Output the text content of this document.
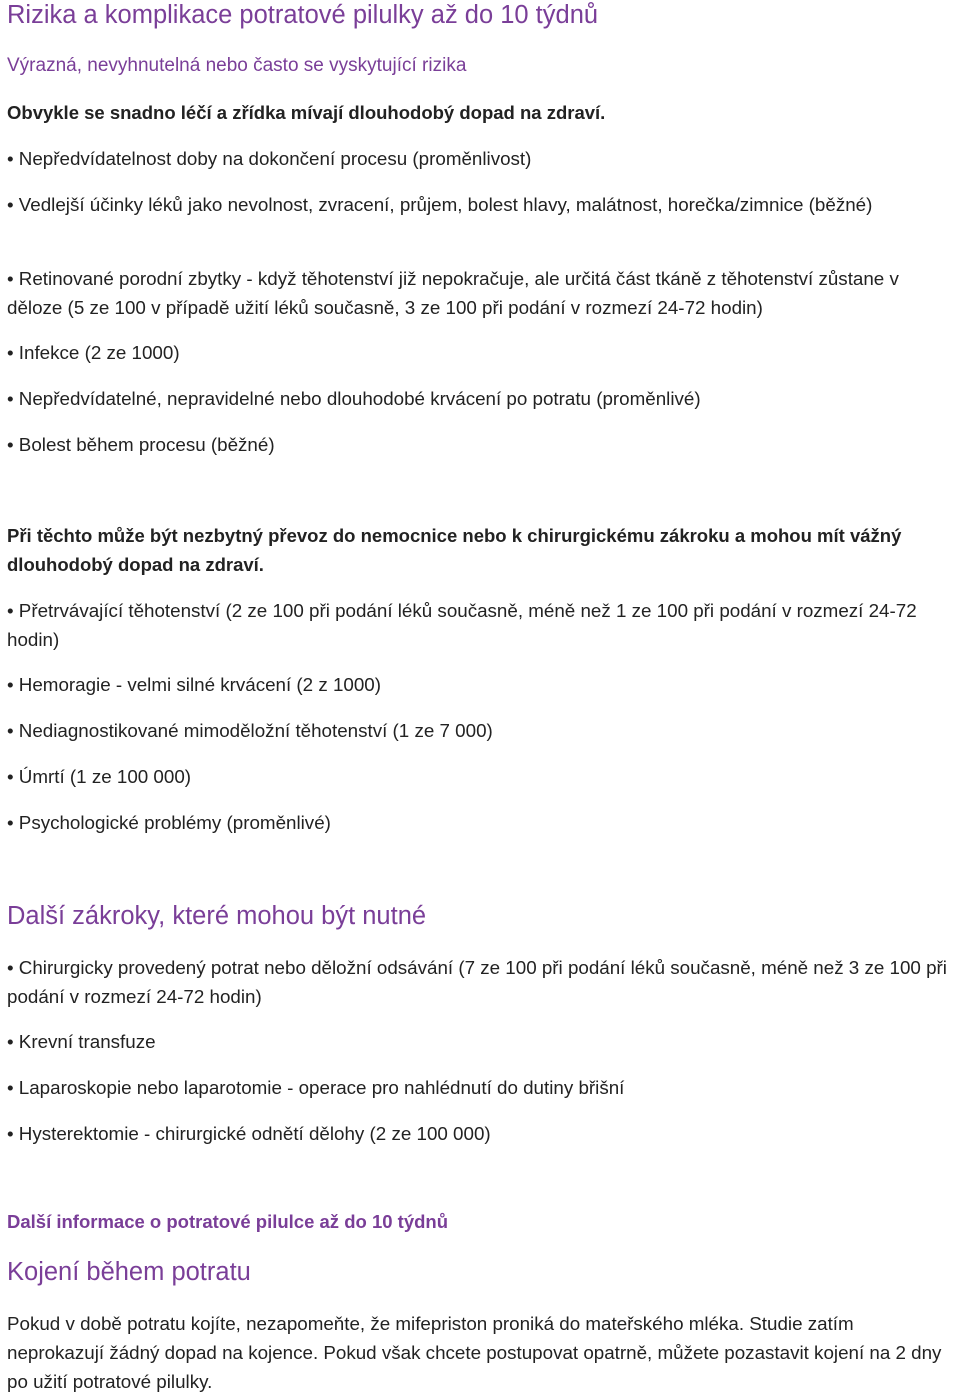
Rizika a komplikace potratové pilulky až do 10 týdnů

Výrazná, nevyhnutelná nebo často se vyskytující rizika

Obvykle se snadno léčí a zřídka mívají dlouhodobý dopad na zdraví.

• Nepředvídatelnost doby na dokončení procesu (proměnlivost)

• Vedlejší účinky léků jako nevolnost, zvracení, průjem, bolest hlavy, malátnost, horečka/zimnice (běžné)

• Retinované porodní zbytky - když těhotenství již nepokračuje, ale určitá část tkáně z těhotenství zůstane v děloze (5 ze 100 v případě užití léků současně, 3 ze 100 při podání v rozmezí 24-72 hodin)

• Infekce (2 ze 1000)

• Nepředvídatelné, nepravidelné nebo dlouhodobé krvácení po potratu (proměnlivé)

• Bolest během procesu (běžné)

Při těchto může být nezbytný převoz do nemocnice nebo k chirurgickému zákroku a mohou mít vážný dlouhodobý dopad na zdraví.

• Přetrvávající těhotenství (2 ze 100 při podání léků současně, méně než 1 ze 100 při podání v rozmezí 24-72 hodin)

• Hemoragie - velmi silné krvácení (2 z 1000)

• Nediagnostikované mimoděložní těhotenství (1 ze 7 000)

• Úmrtí (1 ze 100 000)

• Psychologické problémy (proměnlivé)

Další zákroky, které mohou být nutné

• Chirurgicky provedený potrat nebo děložní odsávání (7 ze 100 při podání léků současně, méně než 3 ze 100 při podání v rozmezí 24-72 hodin)

• Krevní transfuze

• Laparoskopie nebo laparotomie - operace pro nahlédnutí do dutiny břišní

• Hysterektomie - chirurgické odnětí dělohy (2 ze 100 000)

Další informace o potratové pilulce až do 10 týdnů
Kojení během potratu

Pokud v době potratu kojíte, nezapomeňte, že mifepriston proniká do mateřského mléka. Studie zatím neprokazují žádný dopad na kojence. Pokud však chcete postupovat opatrně, můžete pozastavit kojení na 2 dny po užití potratové pilulky.
